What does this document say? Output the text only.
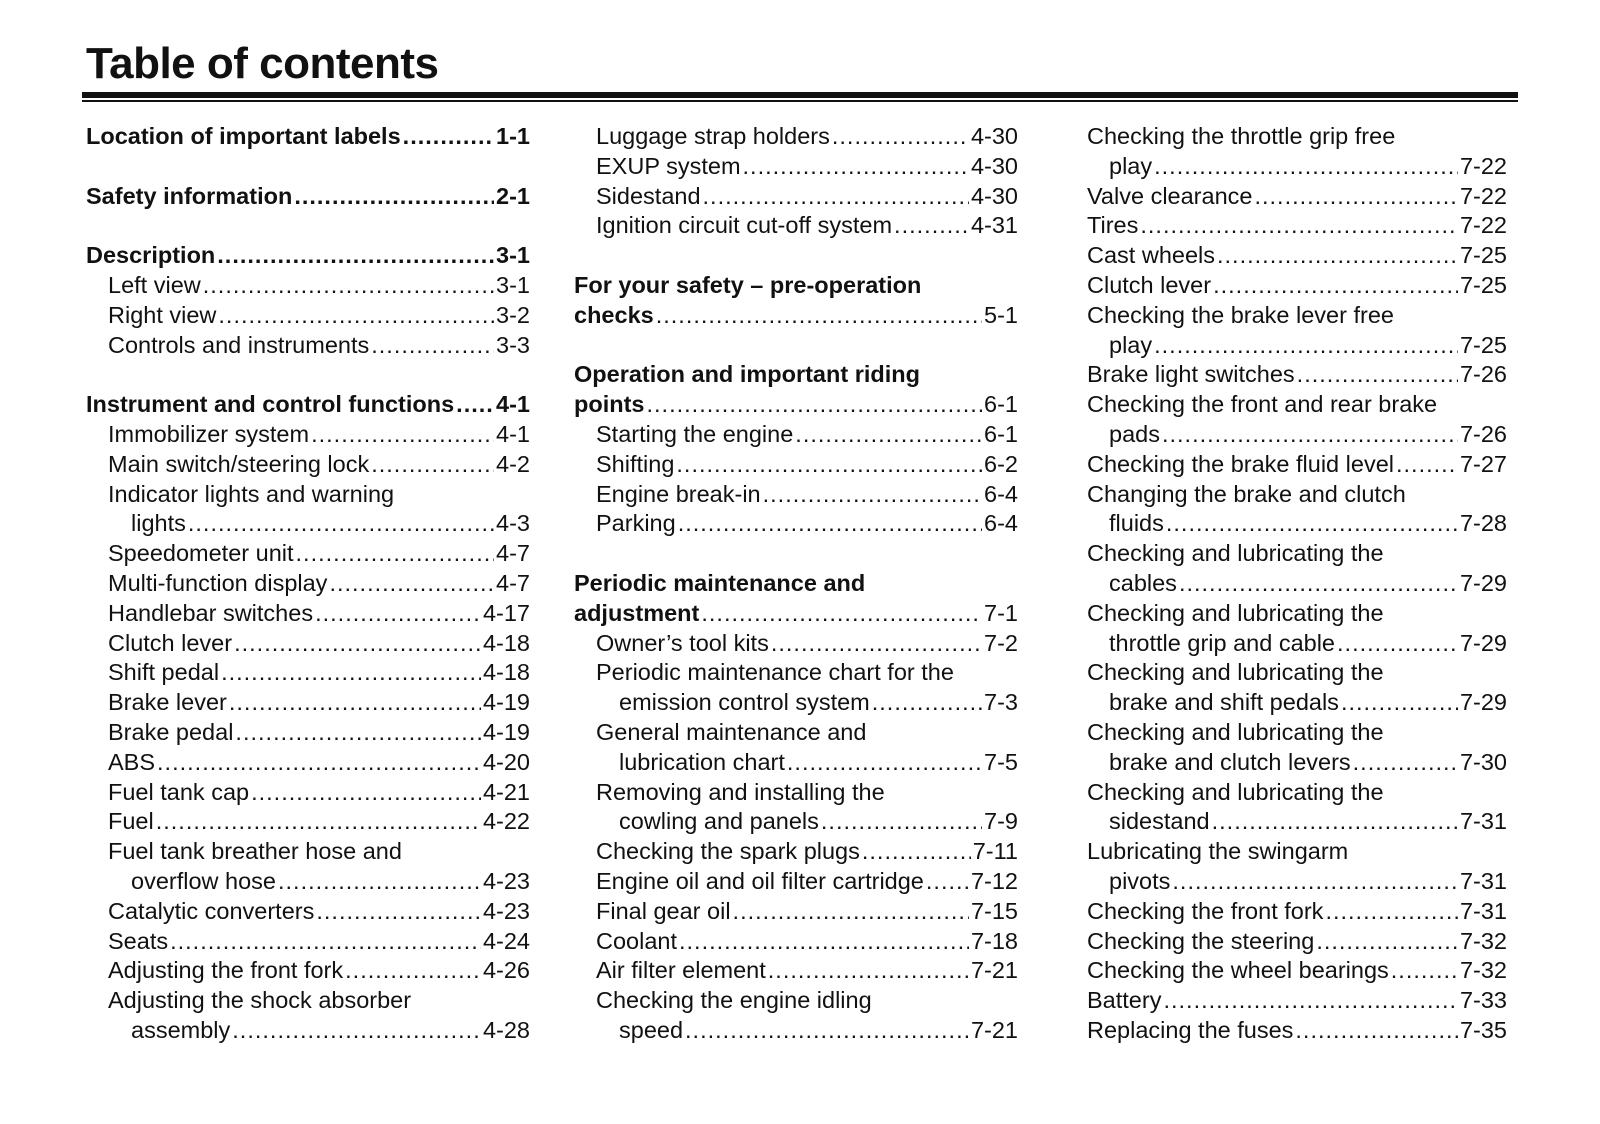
Table of contents
Location of important labels .....	1-1
Safety information .....	2-1
Description .....	3-1
Left view .....	3-1
Right view .....	3-2
Controls and instruments .....	3-3
Instrument and control functions ..... 4-1
Immobilizer system .....	4-1
Main switch/steering lock .....	4-2
Indicator lights and warning
lights .....	4-3
Speedometer unit .....	4-7
Multi-function display .....	4-7
Handlebar switches .....	4-17
Clutch lever .....	4-18
Shift pedal .....	4-18
Brake lever .....	4-19
Brake pedal .....	4-19
ABS .....	4-20
Fuel tank cap .....	4-21
Fuel .....	4-22
Fuel tank breather hose and
overflow hose .....	4-23
Catalytic converters .....	4-23
Seats .....	4-24
Adjusting the front fork .....	4-26
Adjusting the shock absorber
assembly .....	4-28
Luggage strap holders .....	4-30
EXUP system .....	4-30
Sidestand .....	4-30
Ignition circuit cut-off system .....	4-31
For your safety – pre-operation
checks .....	5-1
Operation and important riding
points .....	6-1
Starting the engine .....	6-1
Shifting .....	6-2
Engine break-in .....	6-4
Parking .....	6-4
Periodic maintenance and
adjustment .....	7-1
Owner’s tool kits .....	7-2
Periodic maintenance chart for the
emission control system .....	7-3
General maintenance and
lubrication chart .....	7-5
Removing and installing the
cowling and panels .....	7-9
Checking the spark plugs .....	7-11
Engine oil and oil filter cartridge ..... 7-12
Final gear oil .....	7-15
Coolant .....	7-18
Air filter element .....	7-21
Checking the engine idling
speed .....	7-21
Checking the throttle grip free
play .....	7-22
Valve clearance .....	7-22
Tires .....	7-22
Cast wheels .....	7-25
Clutch lever .....	7-25
Checking the brake lever free
play .....	7-25
Brake light switches .....	7-26
Checking the front and rear brake
pads .....	7-26
Checking the brake fluid level .....	7-27
Changing the brake and clutch
fluids .....	7-28
Checking and lubricating the
cables .....	7-29
Checking and lubricating the
throttle grip and cable .....	7-29
Checking and lubricating the
brake and shift pedals .....	7-29
Checking and lubricating the
brake and clutch levers .....	7-30
Checking and lubricating the
sidestand .....	7-31
Lubricating the swingarm
pivots .....	7-31
Checking the front fork .....	7-31
Checking the steering .....	7-32
Checking the wheel bearings .....	7-32
Battery .....	7-33
Replacing the fuses .....	7-35
